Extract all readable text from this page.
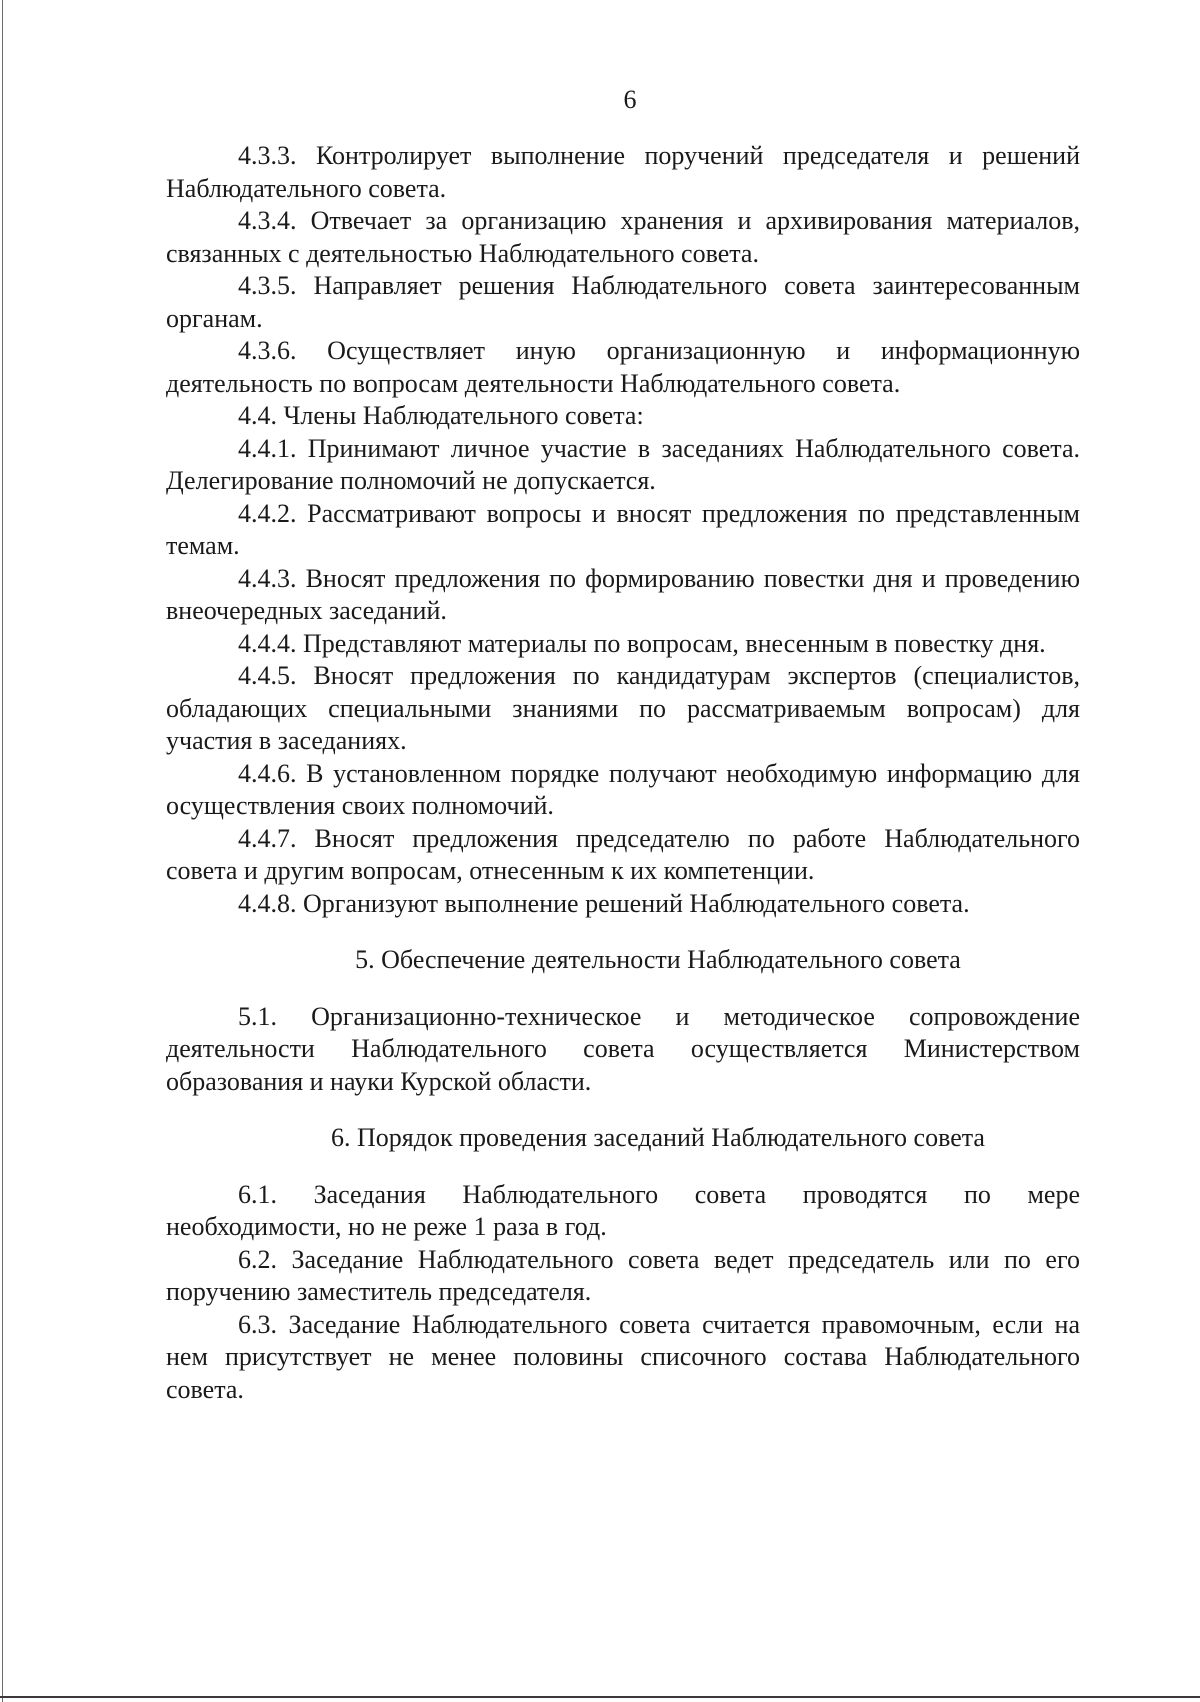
6

4.3.3. Контролирует выполнение поручений председателя и решений Наблюдательного совета.

4.3.4. Отвечает за организацию хранения и архивирования материалов, связанных с деятельностью Наблюдательного совета.

4.3.5. Направляет решения Наблюдательного совета заинтересованным органам.

4.3.6. Осуществляет иную организационную и информационную деятельность по вопросам деятельности Наблюдательного совета.

4.4. Члены Наблюдательного совета:

4.4.1. Принимают личное участие в заседаниях Наблюдательного совета. Делегирование полномочий не допускается.

4.4.2. Рассматривают вопросы и вносят предложения по представленным темам.

4.4.3. Вносят предложения по формированию повестки дня и проведению внеочередных заседаний.

4.4.4. Представляют материалы по вопросам, внесенным в повестку дня.

4.4.5. Вносят предложения по кандидатурам экспертов (специалистов, обладающих специальными знаниями по рассматриваемым вопросам) для участия в заседаниях.

4.4.6. В установленном порядке получают необходимую информацию для осуществления своих полномочий.

4.4.7. Вносят предложения председателю по работе Наблюдательного совета и другим вопросам, отнесенным к их компетенции.

4.4.8. Организуют выполнение решений Наблюдательного совета.

5. Обеспечение деятельности Наблюдательного совета

5.1. Организационно-техническое и методическое сопровождение деятельности Наблюдательного совета осуществляется Министерством образования и науки Курской области.

6. Порядок проведения заседаний Наблюдательного совета

6.1. Заседания Наблюдательного совета проводятся по мере необходимости, но не реже 1 раза в год.

6.2. Заседание Наблюдательного совета ведет председатель или по его поручению заместитель председателя.

6.3. Заседание Наблюдательного совета считается правомочным, если на нем присутствует не менее половины списочного состава Наблюдательного совета.
